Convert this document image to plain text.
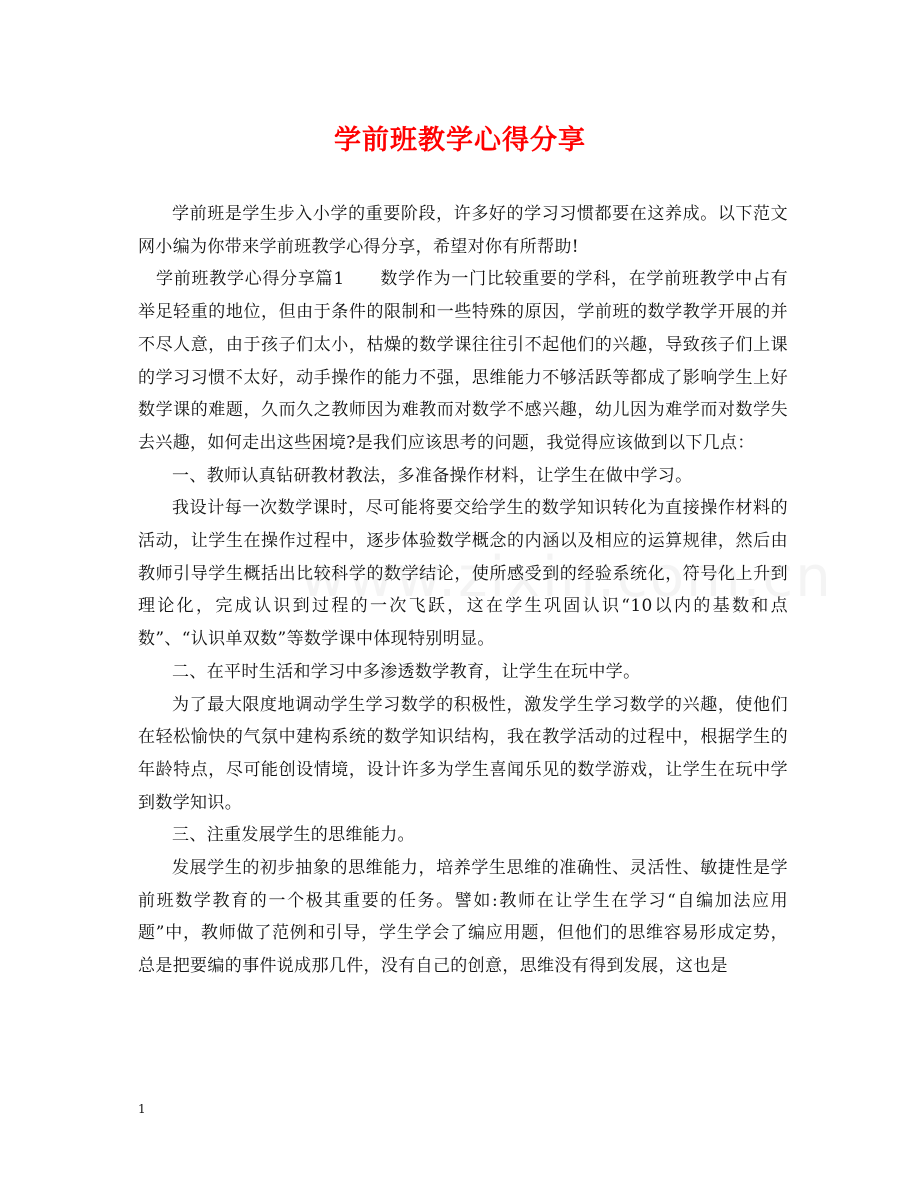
学前班教学心得分享

学前班是学生步入小学的重要阶段，许多好的学习习惯都要在这养成。以下范文网小编为你带来学前班教学心得分享，希望对你有所帮助!

学前班教学心得分享篇1　　数学作为一门比较重要的学科，在学前班教学中占有举足轻重的地位，但由于条件的限制和一些特殊的原因，学前班的数学教学开展的并不尽人意，由于孩子们太小，枯燥的数学课往往引不起他们的兴趣，导致孩子们上课的学习习惯不太好，动手操作的能力不强，思维能力不够活跃等都成了影响学生上好数学课的难题，久而久之教师因为难教而对数学不感兴趣，幼儿因为难学而对数学失去兴趣，如何走出这些困境?是我们应该思考的问题，我觉得应该做到以下几点：

一、教师认真钻研教材教法，多准备操作材料，让学生在做中学习。

我设计每一次数学课时，尽可能将要交给学生的数学知识转化为直接操作材料的活动，让学生在操作过程中，逐步体验数学概念的内涵以及相应的运算规律，然后由教师引导学生概括出比较科学的数学结论，使所感受到的经验系统化，符号化上升到理论化，完成认识到过程的一次飞跃，这在学生巩固认识“10以内的基数和点数”、“认识单双数”等数学课中体现特别明显。

二、在平时生活和学习中多渗透数学教育，让学生在玩中学。

为了最大限度地调动学生学习数学的积极性，激发学生学习数学的兴趣，使他们在轻松愉快的气氛中建构系统的数学知识结构，我在教学活动的过程中，根据学生的年龄特点，尽可能创设情境，设计许多为学生喜闻乐见的数学游戏，让学生在玩中学到数学知识。

三、注重发展学生的思维能力。

发展学生的初步抽象的思维能力，培养学生思维的准确性、灵活性、敏捷性是学前班数学教育的一个极其重要的任务。譬如:教师在让学生在学习“自编加法应用题”中，教师做了范例和引导，学生学会了编应用题，但他们的思维容易形成定势，总是把要编的事件说成那几件，没有自己的创意，思维没有得到发展，这也是

1
